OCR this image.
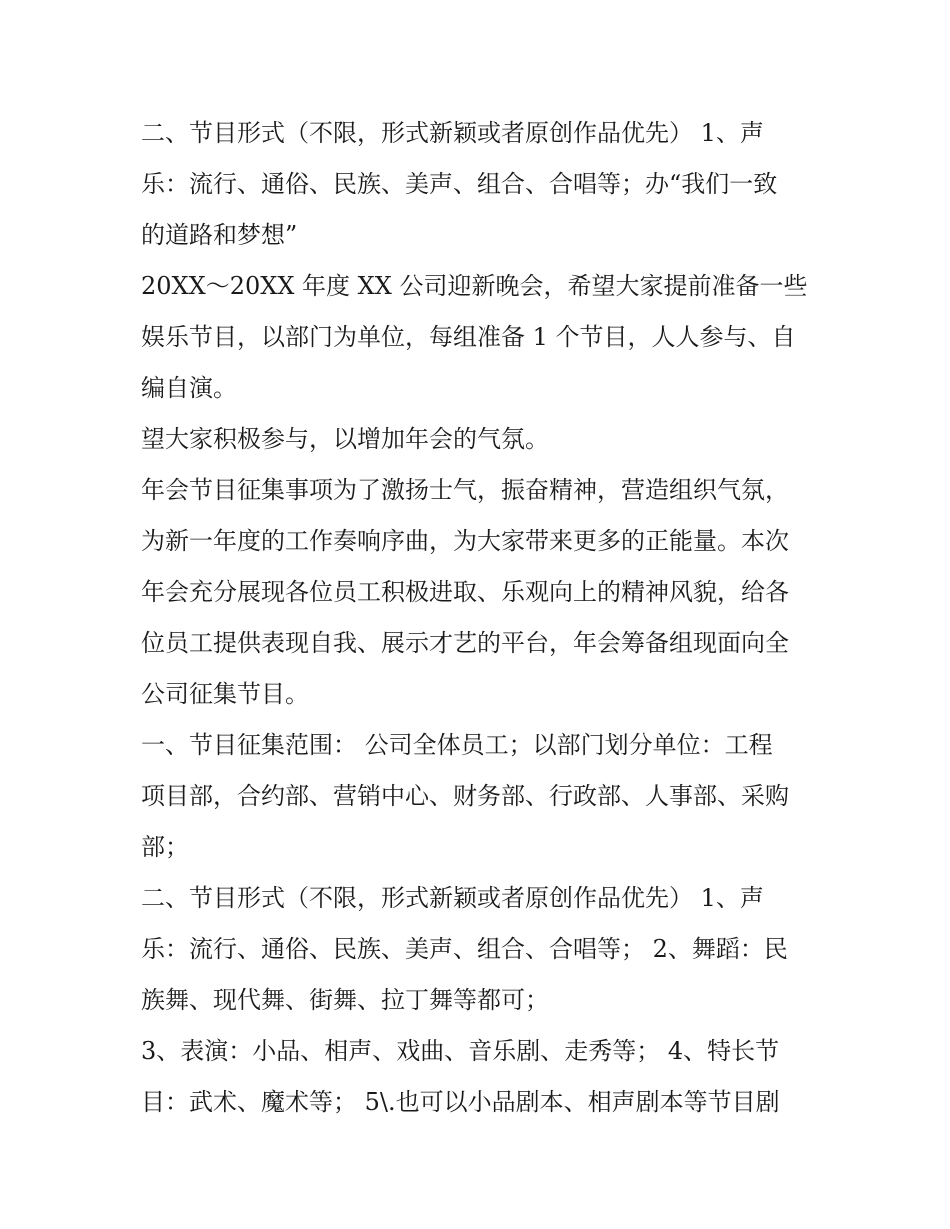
二、节目形式（不限，形式新颖或者原创作品优先） 1、声
乐：流行、通俗、民族、美声、组合、合唱等；办“我们一致
的道路和梦想”
20XX～20XX 年度 XX 公司迎新晚会，希望大家提前准备一些
娱乐节目，以部门为单位，每组准备 1 个节目，人人参与、自
编自演。
望大家积极参与，以增加年会的气氛。
年会节目征集事项为了激扬士气，振奋精神，营造组织气氛，
为新一年度的工作奏响序曲，为大家带来更多的正能量。本次
年会充分展现各位员工积极进取、乐观向上的精神风貌，给各
位员工提供表现自我、展示才艺的平台，年会筹备组现面向全
公司征集节目。
一、节目征集范围： 公司全体员工；以部门划分单位：工程
项目部，合约部、营销中心、财务部、行政部、人事部、采购
部；
二、节目形式（不限，形式新颖或者原创作品优先） 1、声
乐：流行、通俗、民族、美声、组合、合唱等； 2、舞蹈：民
族舞、现代舞、街舞、拉丁舞等都可；
3、表演：小品、相声、戏曲、音乐剧、走秀等； 4、特长节
目：武术、魔术等； 5\.也可以小品剧本、相声剧本等节目剧
